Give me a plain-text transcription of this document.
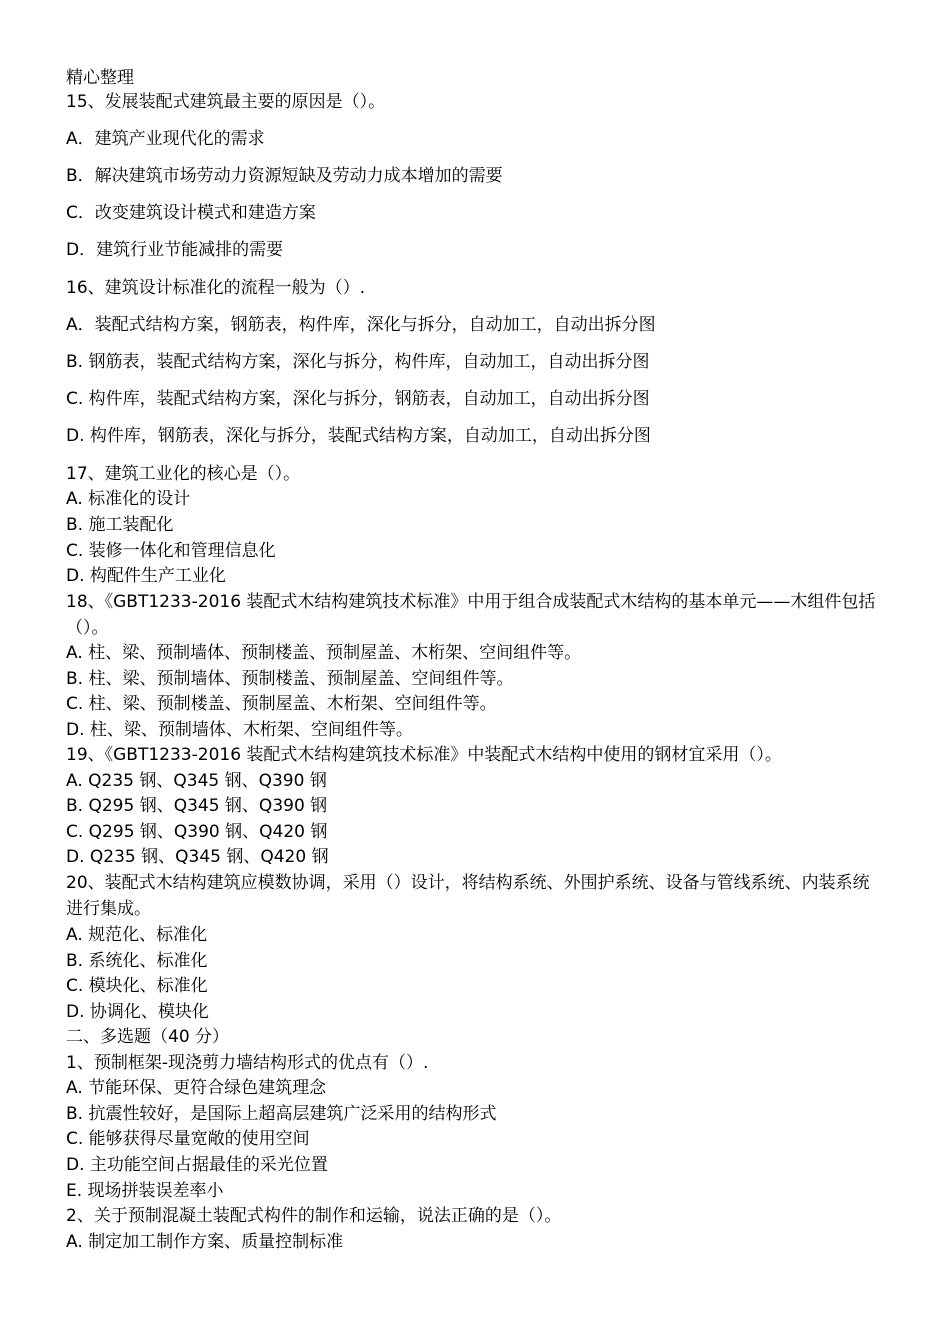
精心整理
15、发展装配式建筑最主要的原因是（）。
A．建筑产业现代化的需求
B．解决建筑市场劳动力资源短缺及劳动力成本增加的需要
C．改变建筑设计模式和建造方案
D．建筑行业节能减排的需要
16、建筑设计标准化的流程一般为（）.
A．装配式结构方案，钢筋表，构件库，深化与拆分，自动加工，自动出拆分图
B. 钢筋表，装配式结构方案，深化与拆分，构件库，自动加工，自动出拆分图
C. 构件库，装配式结构方案，深化与拆分，钢筋表，自动加工，自动出拆分图
D. 构件库，钢筋表，深化与拆分，装配式结构方案，自动加工，自动出拆分图
17、建筑工业化的核心是（）。
A. 标准化的设计
B. 施工装配化
C. 装修一体化和管理信息化
D. 构配件生产工业化
18、《GBT1233-2016 装配式木结构建筑技术标准》中用于组合成装配式木结构的基本单元——木组件包括（）。
A. 柱、梁、预制墙体、预制楼盖、预制屋盖、木桁架、空间组件等。
B. 柱、梁、预制墙体、预制楼盖、预制屋盖、空间组件等。
C. 柱、梁、预制楼盖、预制屋盖、木桁架、空间组件等。
D. 柱、梁、预制墙体、木桁架、空间组件等。
19、《GBT1233-2016 装配式木结构建筑技术标准》中装配式木结构中使用的钢材宜采用（）。
A. Q235 钢、Q345 钢、Q390 钢
B. Q295 钢、Q345 钢、Q390 钢
C. Q295 钢、Q390 钢、Q420 钢
D. Q235 钢、Q345 钢、Q420 钢
20、装配式木结构建筑应模数协调，采用（）设计，将结构系统、外围护系统、设备与管线系统、内装系统进行集成。
A. 规范化、标准化
B. 系统化、标准化
C. 模块化、标准化
D. 协调化、模块化
二、多选题（40 分）
1、预制框架-现浇剪力墙结构形式的优点有（）.
A. 节能环保、更符合绿色建筑理念
B. 抗震性较好，是国际上超高层建筑广泛采用的结构形式
C. 能够获得尽量宽敞的使用空间
D. 主功能空间占据最佳的采光位置
E. 现场拼装误差率小
2、关于预制混凝土装配式构件的制作和运输，说法正确的是（）。
A. 制定加工制作方案、质量控制标准
